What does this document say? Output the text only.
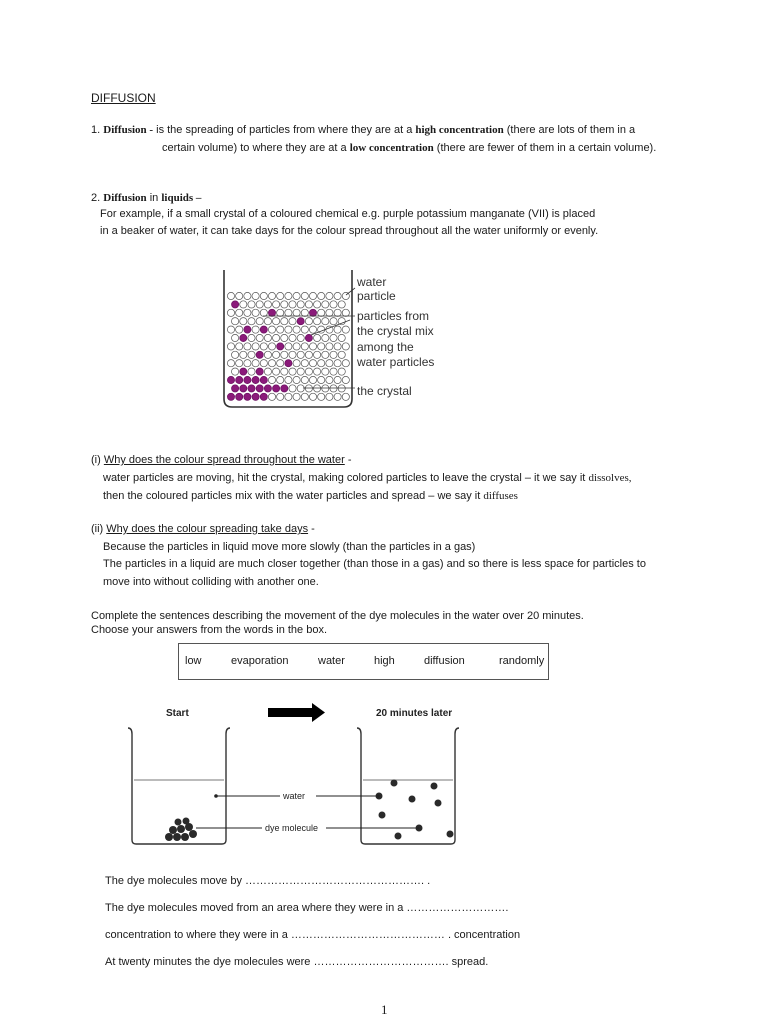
DIFFUSION
1. Diffusion - is the spreading of particles from where they are at a high concentration (there are lots of them in a
certain volume) to where they are at a low concentration (there are fewer of them in a certain volume).
2. Diffusion in liquids –
For example, if a small crystal of a coloured chemical e.g. purple potassium manganate (VII) is placed
in a beaker of water, it can take days for the colour spread throughout all the water uniformly or evenly.
water
particle
particles from
the crystal mix
among the
water particles
the crystal
(i) Why does the colour spread throughout the water -
water particles are moving, hit the crystal, making colored particles to leave the crystal – it we say it dissolves,
then the coloured particles mix with the water particles and spread – we say it diffuses
(ii) Why does the colour spreading take days -
Because the particles in liquid move more slowly (than the particles in a gas)
The particles in a liquid are much closer together (than those in a gas) and so there is less space for particles to
move into without colliding with another one.
Complete the sentences describing the movement of the dye molecules in the water over 20 minutes.
Choose your answers from the words in the box.
low	evaporation	water	high	diffusion	randomly
Start	20 minutes later
water
dye molecule
The dye molecules move by …………………………………………. .
The dye molecules moved from an area where they were in a ……………………….
concentration to where they were in a …………………………………… . concentration
At twenty minutes the dye molecules were ………………………………. spread.
1
